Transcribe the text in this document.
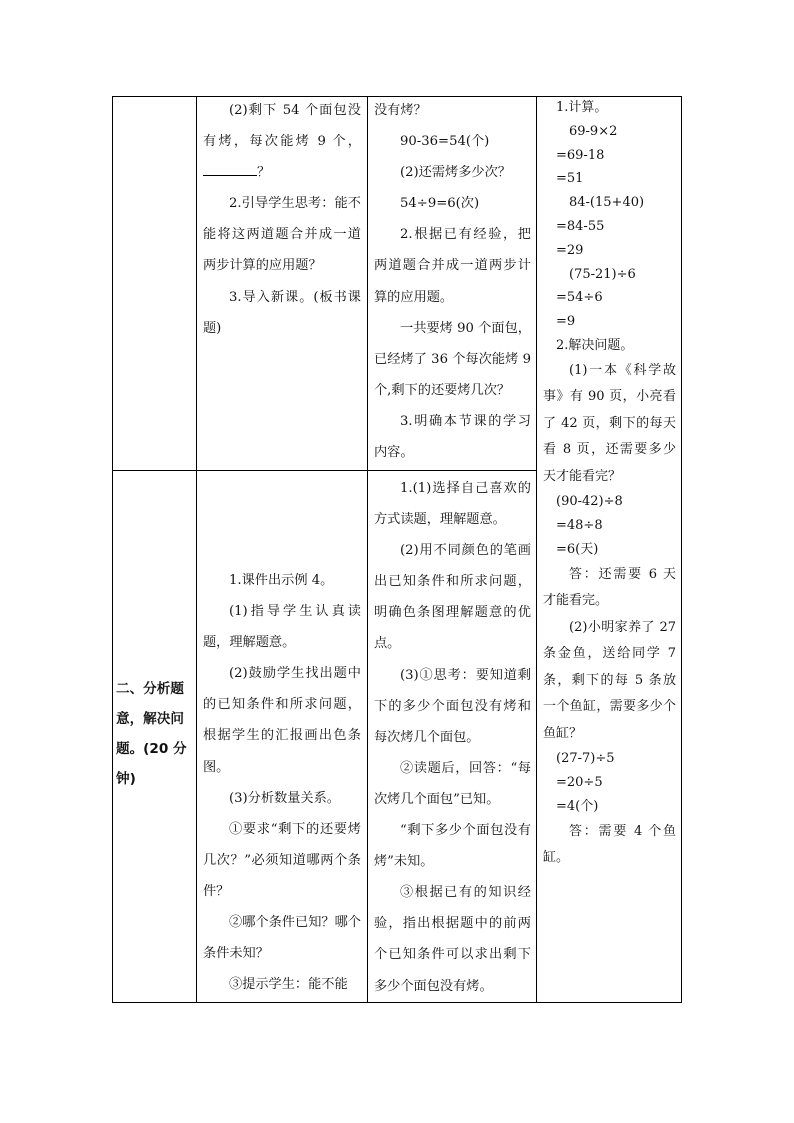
(2)剩下 54 个面包没有烤，每次能烤 9 个，？

2.引导学生思考：能不能将这两道题合并成一道两步计算的应用题？

3.导入新课。(板书课题)

没有烤？

90-36=54(个)

(2)还需烤多少次？

54÷9=6(次)

2.根据已有经验，把两道题合并成一道两步计算的应用题。

一共要烤 90 个面包，已经烤了 36 个每次能烤 9 个,剩下的还要烤几次？

3.明确本节课的学习内容。

二、分析题意，解决问题。(20 分钟)

1.课件出示例 4。

(1)指导学生认真读题，理解题意。

(2)鼓励学生找出题中的已知条件和所求问题，根据学生的汇报画出色条图。

(3)分析数量关系。

①要求“剩下的还要烤几次？”必须知道哪两个条件？

②哪个条件已知？哪个条件未知？

③提示学生：能不能

1.(1)选择自己喜欢的方式读题，理解题意。

(2)用不同颜色的笔画出已知条件和所求问题，明确色条图理解题意的优点。

(3)①思考：要知道剩下的多少个面包没有烤和每次烤几个面包。

②读题后，回答：“每次烤几个面包”已知。

“剩下多少个面包没有烤”未知。

③根据已有的知识经验，指出根据题中的前两个已知条件可以求出剩下多少个面包没有烤。

1.计算。

69-9×2

=69-18

=51

84-(15+40)

=84-55

=29

(75-21)÷6

=54÷6

=9

2.解决问题。

(1)一本《科学故事》有 90 页，小亮看了 42 页，剩下的每天看 8 页，还需要多少天才能看完？

(90-42)÷8

=48÷8

=6(天)

答：还需要 6 天才能看完。

(2)小明家养了 27 条金鱼，送给同学 7 条，剩下的每 5 条放一个鱼缸，需要多少个鱼缸？

(27-7)÷5

=20÷5

=4(个)

答：需要 4 个鱼缸。
